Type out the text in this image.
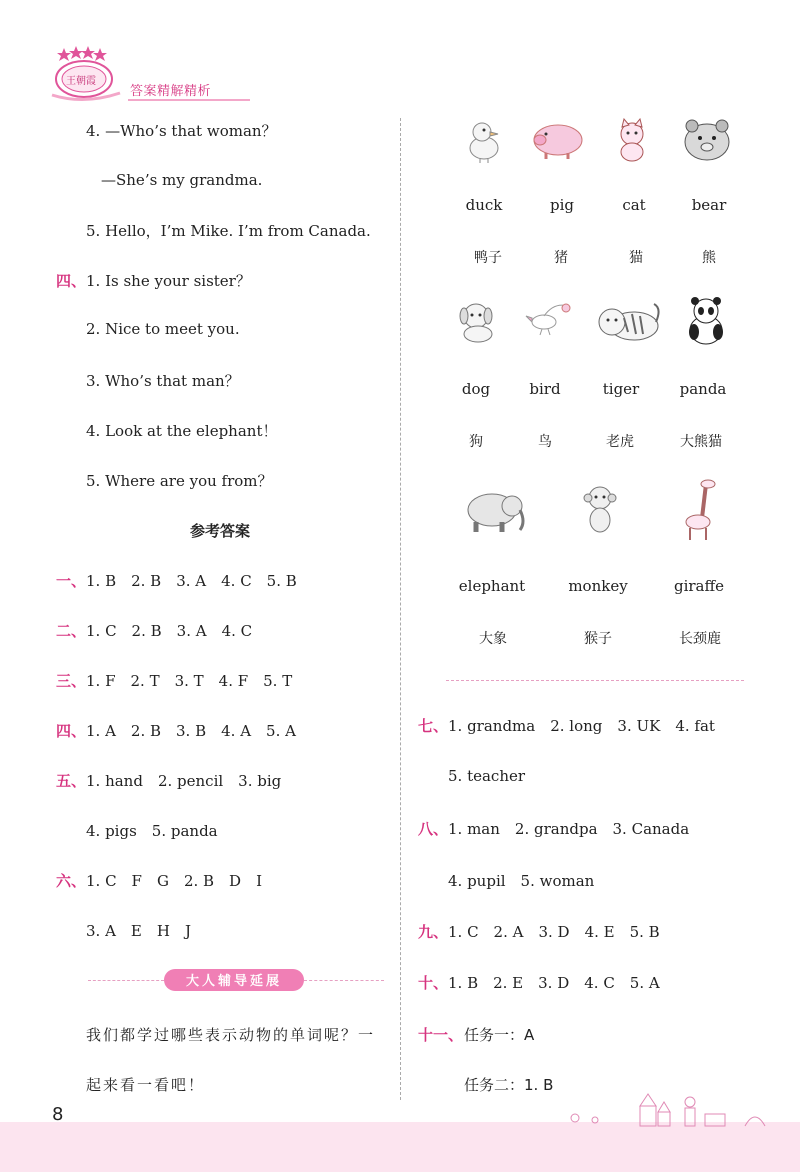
王朝霞
答案精解精析
4. —Who’s that woman？
—She’s my grandma.
5. Hello，I’m Mike. I’m from Canada.
四、 1. Is she your sister？
2. Nice to meet you.
3. Who’s that man？
4. Look at the elephant！
5. Where are you from？
参考答案
一、 1. B　2. B　3. A　4. C　5. B
二、 1. C　2. B　3. A　4. C
三、 1. F　2. T　3. T　4. F　5. T
四、 1. A　2. B　3. B　4. A　5. A
五、 1. hand　2. pencil　3. big
4. pigs　5. panda
六、 1. C　F　G　2. B　D　I
3. A　E　H　J
大人辅导延展
我们都学过哪些表示动物的单词呢？一
起来看一看吧！
duck	pig	cat	bear
鸭子	猪	猫	熊
dog	bird	tiger	panda
狗	鸟	老虎	大熊猫
elephant	monkey	giraffe
大象	猴子	长颈鹿
七、 1. grandma　2. long　3. UK　4. fat
5. teacher
八、 1. man　2. grandpa　3. Canada
4. pupil　5. woman
九、 1. C　2. A　3. D　4. E　5. B
十、 1. B　2. E　3. D　4. C　5. A
十一、 任务一：A
任务二：1. B
8
